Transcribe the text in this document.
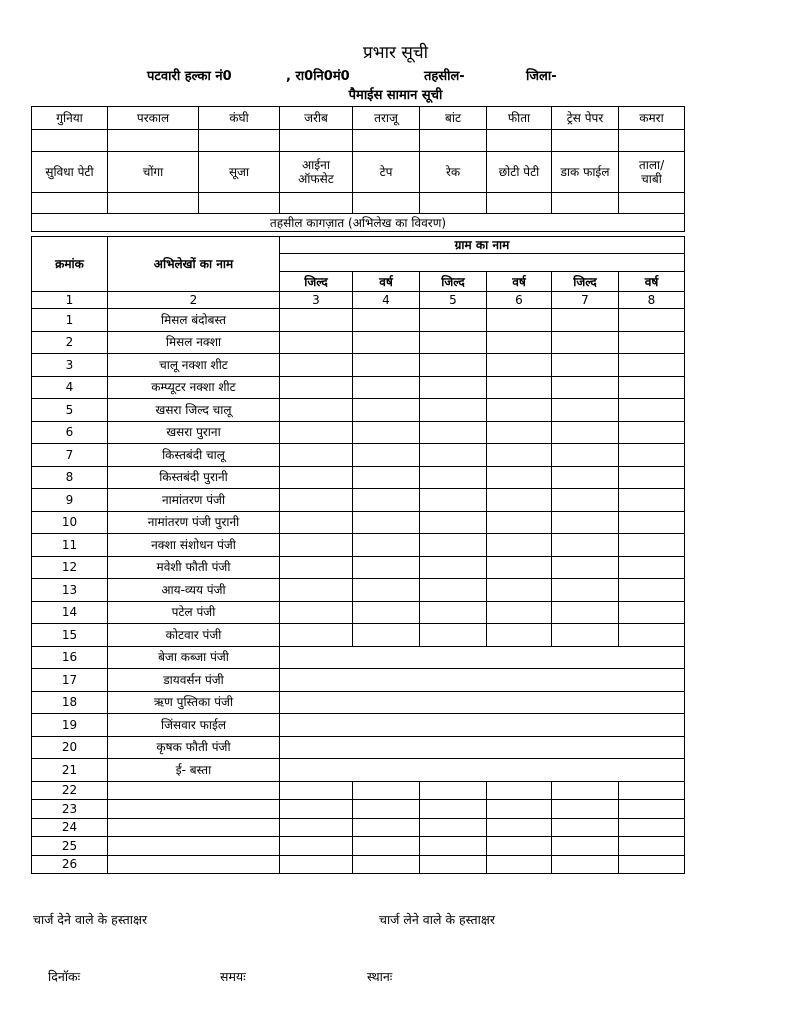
प्रभार सूची
पटवारी हल्का नं0	, रा0नि0मं0	तहसील-	जिला-
पैमाईस सामान सूची
गुनिया	परकाल	कंघी	जरीब	तराजू	बांट	फीता	ट्रेस पेपर	कमरा

सुविधा पेटी	चोंगा	सूजा	आईना ऑफसेट	टेप	रेक	छोटी पेटी	डाक फाईल	ताला/ चाबी

तहसील कागज़ात (अभिलेख का विवरण)								
क्रमांक	अभिलेखों का नाम	ग्राम का नाम					

		जिल्द	वर्ष	जिल्द	वर्ष	जिल्द	वर्ष
1	2	3	4	5	6	7	8
1	मिसल बंदोबस्त						
2	मिसल नक्शा						
3	चालू नक्शा शीट						
4	कम्प्यूटर नक्शा शीट						
5	खसरा जिल्द चालू						
6	खसरा पुराना						
7	किस्तबंदी चालू						
8	किस्तबंदी पुरानी						
9	नामांतरण पंजी						
10	नामांतरण पंजी पुरानी						
11	नक्शा संशोधन पंजी						
12	मवेशी फौती पंजी						
13	आय-व्यय पंजी						
14	पटेल पंजी						
15	कोटवार पंजी						
16	बेजा कब्जा पंजी						
17	डायवर्सन पंजी						
18	ऋण पुस्तिका पंजी						
19	जिंसवार फाईल						
20	कृषक फौती पंजी						
21	ई- बस्ता						
22							
23							
24							
25							
26							
चार्ज देने वाले के हस्ताक्षर	चार्ज लेने वाले के हस्ताक्षर
दिनॉकः	समयः	स्थानः
